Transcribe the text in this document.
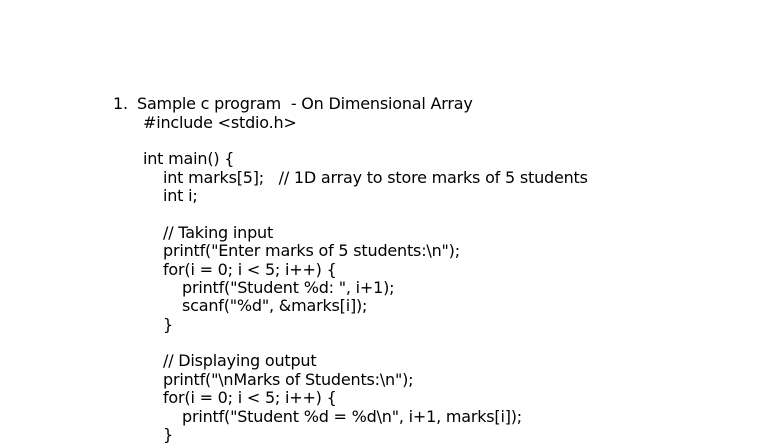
1. Sample c program  - On Dimensional Array
#include <stdio.h>
int main() {
int marks[5];   // 1D array to store marks of 5 students
int i;
// Taking input
printf("Enter marks of 5 students:\n");
for(i = 0; i < 5; i++) {
printf("Student %d: ", i+1);
scanf("%d", &marks[i]);
}
// Displaying output
printf("\nMarks of Students:\n");
for(i = 0; i < 5; i++) {
printf("Student %d = %d\n", i+1, marks[i]);
}
